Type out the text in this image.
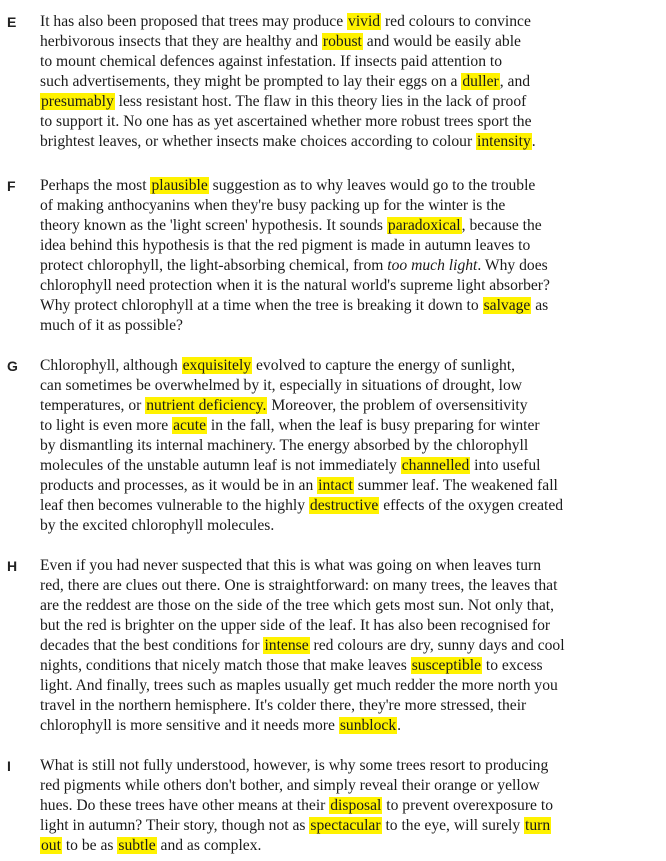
E It has also been proposed that trees may produce vivid red colours to convince
herbivorous insects that they are healthy and robust and would be easily able
to mount chemical defences against infestation. If insects paid attention to
such advertisements, they might be prompted to lay their eggs on a duller, and
presumably less resistant host. The flaw in this theory lies in the lack of proof
to support it. No one has as yet ascertained whether more robust trees sport the
brightest leaves, or whether insects make choices according to colour intensity.
F Perhaps the most plausible suggestion as to why leaves would go to the trouble
of making anthocyanins when they're busy packing up for the winter is the
theory known as the 'light screen' hypothesis. It sounds paradoxical, because the
idea behind this hypothesis is that the red pigment is made in autumn leaves to
protect chlorophyll, the light-absorbing chemical, from too much light. Why does
chlorophyll need protection when it is the natural world's supreme light absorber?
Why protect chlorophyll at a time when the tree is breaking it down to salvage as
much of it as possible?
G Chlorophyll, although exquisitely evolved to capture the energy of sunlight,
can sometimes be overwhelmed by it, especially in situations of drought, low
temperatures, or nutrient deficiency. Moreover, the problem of oversensitivity
to light is even more acute in the fall, when the leaf is busy preparing for winter
by dismantling its internal machinery. The energy absorbed by the chlorophyll
molecules of the unstable autumn leaf is not immediately channelled into useful
products and processes, as it would be in an intact summer leaf. The weakened fall
leaf then becomes vulnerable to the highly destructive effects of the oxygen created
by the excited chlorophyll molecules.
H Even if you had never suspected that this is what was going on when leaves turn
red, there are clues out there. One is straightforward: on many trees, the leaves that
are the reddest are those on the side of the tree which gets most sun. Not only that,
but the red is brighter on the upper side of the leaf. It has also been recognised for
decades that the best conditions for intense red colours are dry, sunny days and cool
nights, conditions that nicely match those that make leaves susceptible to excess
light. And finally, trees such as maples usually get much redder the more north you
travel in the northern hemisphere. It's colder there, they're more stressed, their
chlorophyll is more sensitive and it needs more sunblock.
I What is still not fully understood, however, is why some trees resort to producing
red pigments while others don't bother, and simply reveal their orange or yellow
hues. Do these trees have other means at their disposal to prevent overexposure to
light in autumn? Their story, though not as spectacular to the eye, will surely turn
out to be as subtle and as complex.
